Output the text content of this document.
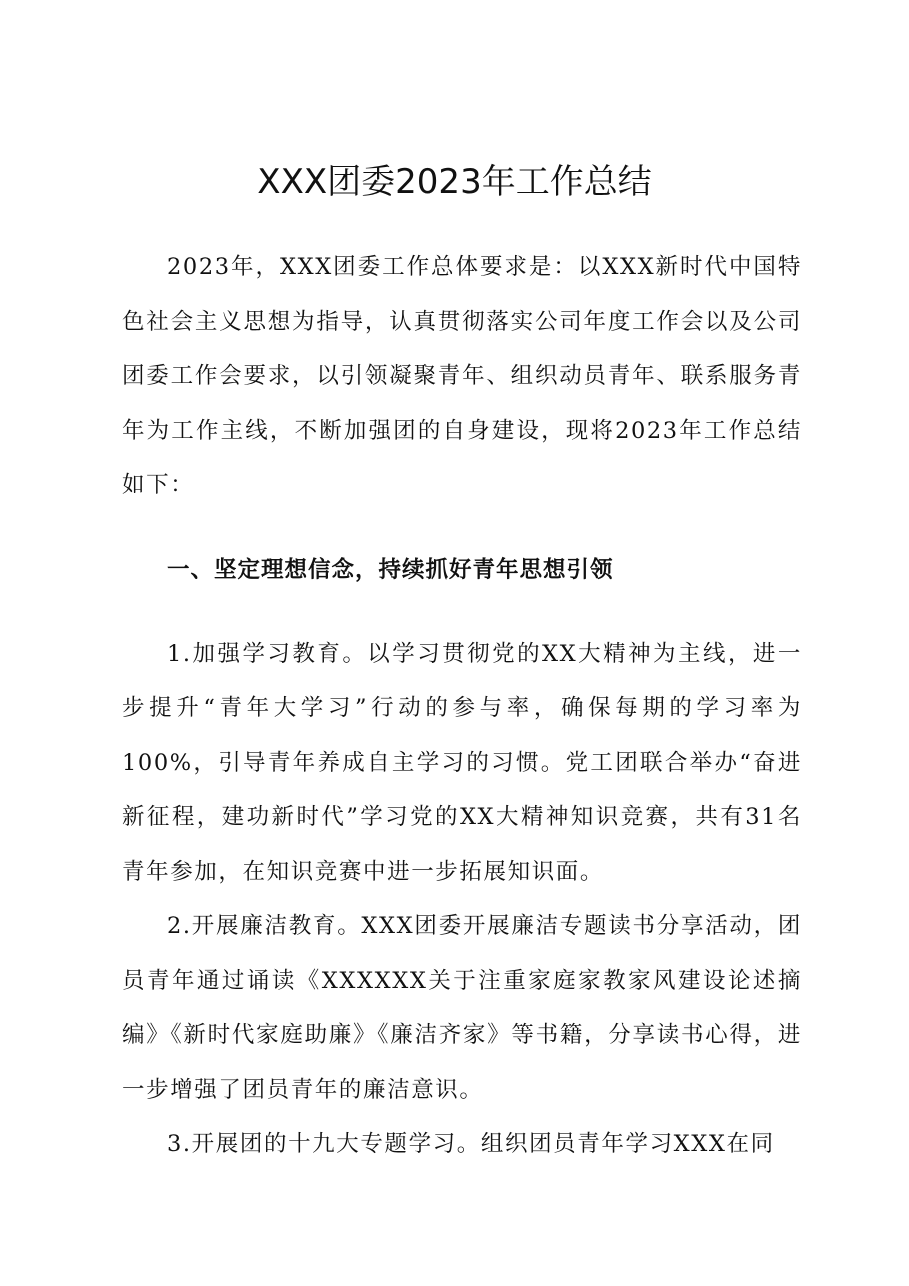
XXX团委2023年工作总结

2023年，XXX团委工作总体要求是：以XXX新时代中国特色社会主义思想为指导，认真贯彻落实公司年度工作会以及公司团委工作会要求，以引领凝聚青年、组织动员青年、联系服务青年为工作主线，不断加强团的自身建设，现将2023年工作总结如下：

一、坚定理想信念，持续抓好青年思想引领

1.加强学习教育。以学习贯彻党的XX大精神为主线，进一步提升“青年大学习”行动的参与率，确保每期的学习率为100%，引导青年养成自主学习的习惯。党工团联合举办“奋进新征程，建功新时代”学习党的XX大精神知识竞赛，共有31名青年参加，在知识竞赛中进一步拓展知识面。

2.开展廉洁教育。XXX团委开展廉洁专题读书分享活动，团员青年通过诵读《XXXXXX关于注重家庭家教家风建设论述摘编》《新时代家庭助廉》《廉洁齐家》等书籍，分享读书心得，进一步增强了团员青年的廉洁意识。

3.开展团的十九大专题学习。组织团员青年学习XXX在同
